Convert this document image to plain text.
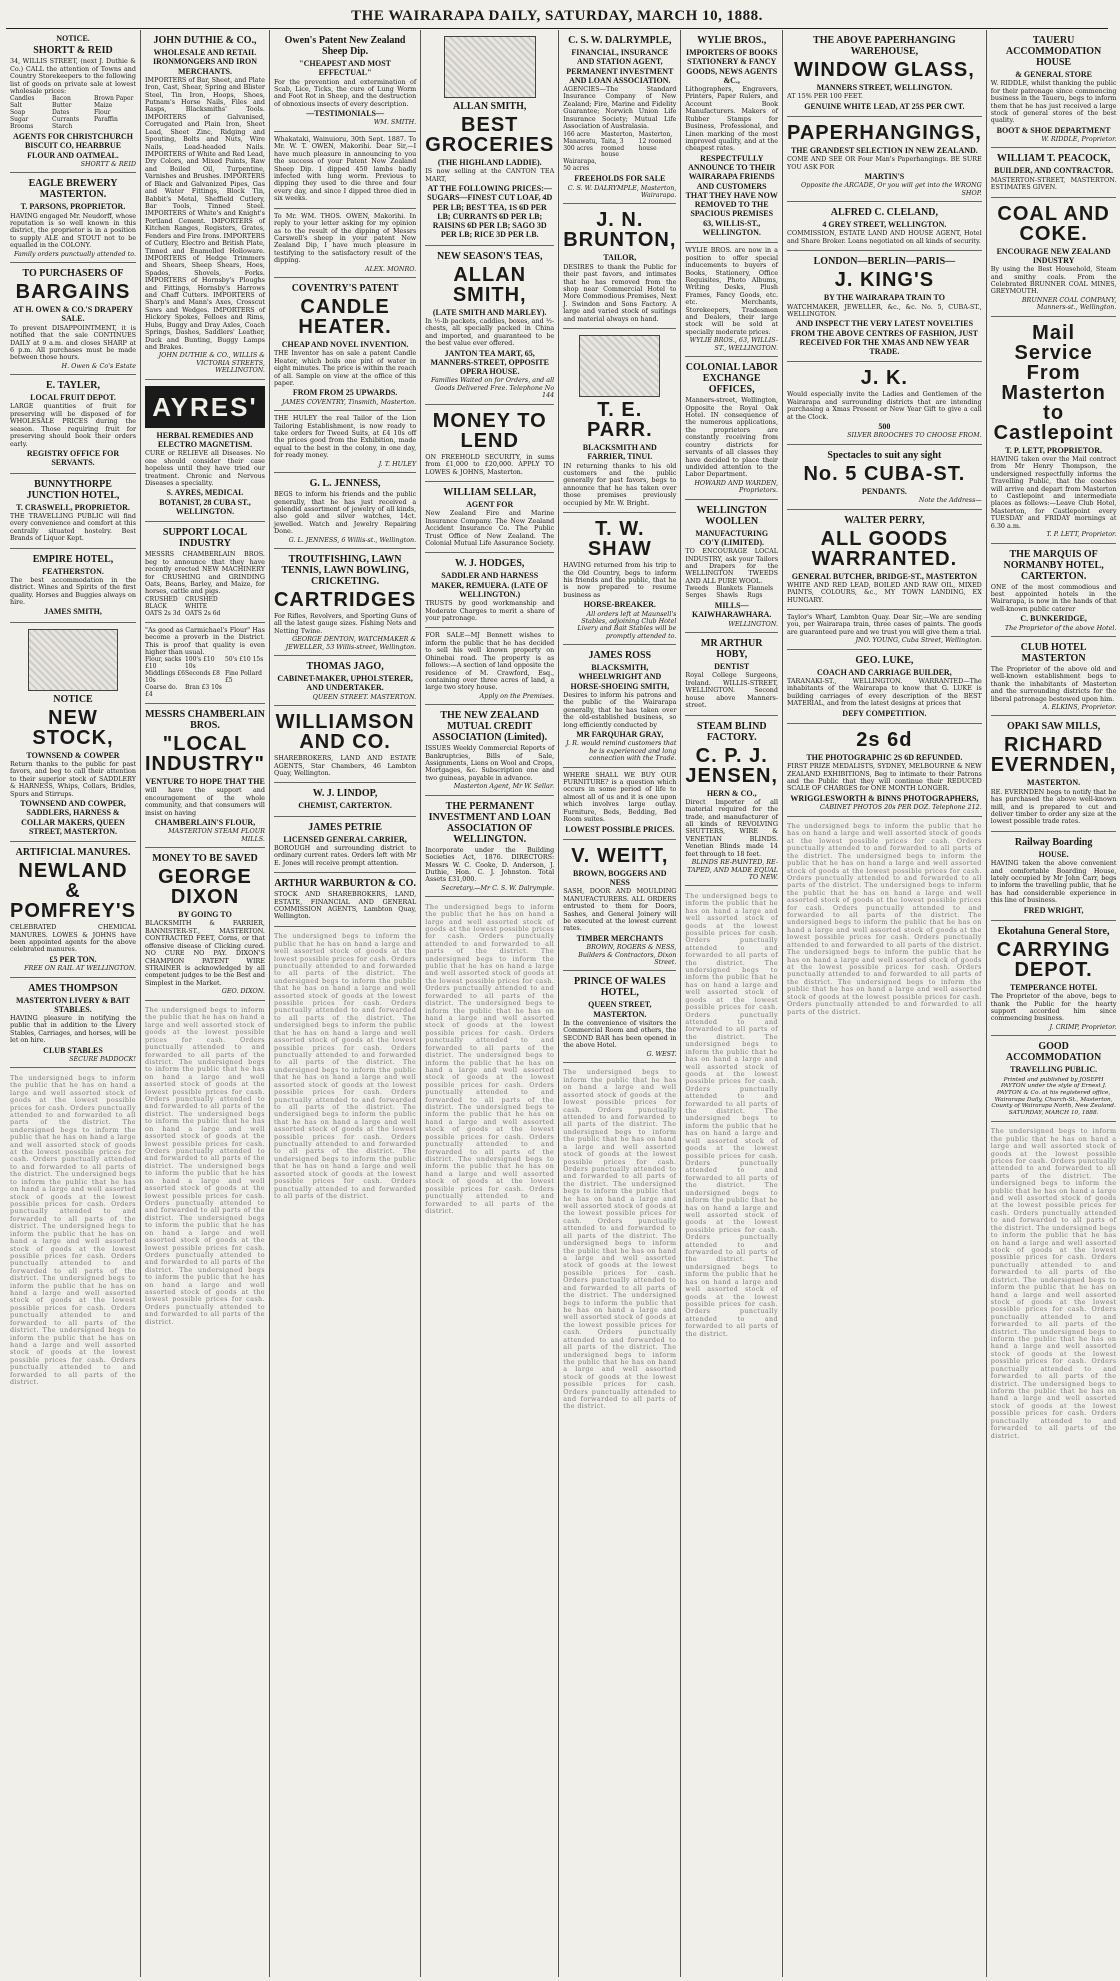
THE WAIRARAPA DAILY, SATURDAY, MARCH 10, 1888.
NOTICE.
SHORTT & REID

34, WILLIS STREET, (next J. Duthie & Co.) CALL the attention of Towns and Country Storekeepers to the following list of goods on private sale at lowest wholesale prices:

Candles	Bacon	Brown Paper
Salt	Butter	Maize
Soap	Dates	Flour
Sugar	Currants	Paraffin
Brooms	Starch
AGENTS FOR CHRISTCHURCH BISCUIT CO, HEARBRUE FLOUR AND OATMEAL.
SHORTT & REID
EAGLE BREWERY MASTERTON.
T. PARSONS, PROPRIETOR.

HAVING engaged Mr. Neudorff, whose reputation is so well known in this district, the proprietor is in a position to supply ALE and STOUT not to be equalled in the COLONY.

Family orders punctually attended to.
TO PURCHASERS OF
BARGAINS
AT H. OWEN & CO.'S DRAPERY SALE.

To prevent DISAPPOINTMENT, it is notified that the sale CONTINUES DAILY at 9 a.m. and closes SHARP at 6 p.m. All purchases must be made between those hours.

H. Owen & Co's Estate
E. TAYLER,
LOCAL FRUIT DEPOT.

LARGE quantities of fruit for preserving will be disposed of for WHOLESALE PRICES during the season. Those requiring fruit for preserving should book their orders early.

REGISTRY OFFICE FOR SERVANTS.
BUNNYTHORPE JUNCTION HOTEL,
T. CRASWELL, PROPRIETOR.

THE TRAVELLING PUBLIC will find every convenience and comfort at this centrally situated hostelry. Best Brands of Liquor Kept.

EMPIRE HOTEL,
FEATHERSTON.

The best accommodation in the district. Wines and Spirits of the first quality. Horses and Buggies always on hire.

JAMES SMITH,
NOTICE
NEW STOCK,
TOWNSEND & COWPER

Return thanks to the public for past favors, and beg to call their attention to their superior stock of SADDLERY & HARNESS, Whips, Collars, Bridles, Spurs and Stirrups.

TOWNSEND AND COWPER, SADDLERS, HARNESS & COLLAR MAKERS, QUEEN STREET, MASTERTON.
ARTIFICIAL MANURES.
NEWLAND & POMFREY'S

CELEBRATED CHEMICAL MANURES. LOWES & JOHNS have been appointed agents for the above celebrated manures.

£5 PER TON.
FREE ON RAIL AT WELLINGTON.
AMES THOMPSON
MASTERTON LIVERY & BAIT STABLES.

HAVING pleasure in notifying the public that in addition to the Livery Stables, Carriages, and horses, will be let on hire.

CLUB STABLES
SECURE PADDOCK!

The undersigned begs to inform the public that he has on hand a large and well assorted stock of goods at the lowest possible prices for cash. Orders punctually attended to and forwarded to all parts of the district. The undersigned begs to inform the public that he has on hand a large and well assorted stock of goods at the lowest possible prices for cash. Orders punctually attended to and forwarded to all parts of the district. The undersigned begs to inform the public that he has on hand a large and well assorted stock of goods at the lowest possible prices for cash. Orders punctually attended to and forwarded to all parts of the district. The undersigned begs to inform the public that he has on hand a large and well assorted stock of goods at the lowest possible prices for cash. Orders punctually attended to and forwarded to all parts of the district. The undersigned begs to inform the public that he has on hand a large and well assorted stock of goods at the lowest possible prices for cash. Orders punctually attended to and forwarded to all parts of the district. The undersigned begs to inform the public that he has on hand a large and well assorted stock of goods at the lowest possible prices for cash. Orders punctually attended to and forwarded to all parts of the district.

JOHN DUTHIE & CO.,
WHOLESALE AND RETAIL IRONMONGERS AND IRON MERCHANTS.

IMPORTERS of Bar, Sheet, and Plate Iron, Cast, Shear, Spring and Blister Steel, Tin Iron, Hoops, Shoes, Putnam's Horse Nails, Files and Rasps, Blacksmiths' Tools. IMPORTERS of Galvanised, Corrugated and Plain Iron, Sheet Lead, Sheet Zinc, Ridging and Spouting, Bolts and Nuts, Wire Nails, Lead-headed Nails. IMPORTERS of White and Red Lead, Dry Colors, and Mixed Paints, Raw and Boiled Oil, Turpentine, Varnishes and Brushes. IMPORTERS of Black and Galvanized Pipes, Gas and Water Fittings, Block Tin, Babbit's Metal, Sheffield Cutlery, Bar Tools, Tinned Steel. IMPORTERS of White's and Knight's Portland Cement. IMPORTERS of Kitchen Ranges, Registers, Grates, Fenders and Fire Irons. IMPORTERS of Cutlery, Electro and British Plate, Tinned and Enamelled Holloware. IMPORTERS of Hedge Trimmers and Shears, Sheep Shears, Hoes, Spades, Shovels, Forks. IMPORTERS of Hornsby's Ploughs and Fittings, Hornsby's Harrows and Chaff Cutters. IMPORTERS of Sharp's and Mann's Axes, Crosscut Saws and Wedges. IMPORTERS of Hickory Spokes, Felloes and Rims, Hubs, Buggy and Dray Axles, Coach Springs, Dashes, Saddlers' Leather, Duck and Bunting, Buggy Lamps and Brakes.

JOHN DUTHIE & CO., WILLIS & VICTORIA STREETS, WELLINGTON.
AYRES'
HERBAL REMEDIES AND ELECTRO MAGNETISM.

CURE or RELIEVE all Diseases. No one should consider their case hopeless until they have tried our treatment. Chronic and Nervous Diseases a speciality.

S. AYRES, MEDICAL BOTANIST, 28 CUBA ST., WELLINGTON.
SUPPORT LOCAL INDUSTRY

MESSRS CHAMBERLAIN BROS. beg to announce that they have recently erected NEW MACHINERY for CRUSHING and GRINDING Oats, Beans, Barley, and Maize, for horses, cattle and pigs.

CRUSHED BLACK OATS 2s 3d
CRUSHED WHITE OATS 2s 6d

"As good as Carmichael's Flour" Has become a proverb in the District. This is proof that quality is even higher than usual.

Flour, sacks £10
100's £10 10s
50's £10 15s
Middlings £6 10s
Seconds £8 Fine Pollard £5
Coarse do. £4
Bran £3 10s
MESSRS CHAMBERLAIN BROS.
"LOCAL INDUSTRY"
VENTURE TO HOPE THAT THE

will have the support and encouragement of the whole community, and that consumers will insist on having

CHAMBERLAIN'S FLOUR,
MASTERTON STEAM FLOUR MILLS.
MONEY TO BE SAVED
GEORGE DIXON
BY GOING TO

BLACKSMITH & FARRIER, BANNISTER-ST., MASTERTON. CONTRACTED FEET, Corns, or that offensive disease of Clicking cured. NO CURE NO PAY. DIXON'S CHAMPION PATENT WIRE STRAINER is acknowledged by all competent judges to be the Best and Simplest in the Market.

GEO. DIXON.

The undersigned begs to inform the public that he has on hand a large and well assorted stock of goods at the lowest possible prices for cash. Orders punctually attended to and forwarded to all parts of the district. The undersigned begs to inform the public that he has on hand a large and well assorted stock of goods at the lowest possible prices for cash. Orders punctually attended to and forwarded to all parts of the district. The undersigned begs to inform the public that he has on hand a large and well assorted stock of goods at the lowest possible prices for cash. Orders punctually attended to and forwarded to all parts of the district. The undersigned begs to inform the public that he has on hand a large and well assorted stock of goods at the lowest possible prices for cash. Orders punctually attended to and forwarded to all parts of the district. The undersigned begs to inform the public that he has on hand a large and well assorted stock of goods at the lowest possible prices for cash. Orders punctually attended to and forwarded to all parts of the district. The undersigned begs to inform the public that he has on hand a large and well assorted stock of goods at the lowest possible prices for cash. Orders punctually attended to and forwarded to all parts of the district.

Owen's Patent New Zealand Sheep Dip.
"CHEAPEST AND MOST EFFECTUAL"

For the prevention and extermination of Scab, Lice, Ticks, the cure of Lung Worm and Foot Rot in Sheep, and the destruction of obnoxious insects of every description.

—TESTIMONIALS—
WM. SMITH.

Whakataki, Wainuioru, 30th Sept. 1887. To Mr. W. T. OWEN, Makorihi. Dear Sir,—I have much pleasure in announcing to you the success of your Patent New Zealand Sheep Dip. I dipped 450 lambs badly infected with lung worm. Previous to dipping they used to die three and four every day, and since I dipped three died in six weeks.

To Mr. WM. THOS. OWEN, Makorihi. In reply to your letter asking for my opinion as to the result of the dipping of Messrs Carswell's sheep in your patent New Zealand Dip, I have much pleasure in testifying to the satisfactory result of the dipping.

ALEX. MONRO.
COVENTRY'S PATENT
CANDLE HEATER.
CHEAP AND NOVEL INVENTION.

THE Inventor has on sale a patent Candle Heater, which boils one pint of water in eight minutes. The price is within the reach of all. Sample on view at the office of this paper.

FROM FROM 25 UPWARDS.
JAMES COVENTRY, Tinsmith, Masterton.

THE HULEY the real Tailor of the Lion Tailoring Establishment, is now ready to take orders for Tweed Suits, at £4 10s off the prices good from the Exhibition, made equal to the best in the colony, in one day, for ready money.

J. T. HULEY
G. L. JENNESS,

BEGS to inform his friends and the public generally, that he has just received a splendid assortment of jewelry of all kinds, also gold and silver watches, 14ct. jewelled. Watch and Jewelry Repairing Done.

G. L. JENNESS, 6 Willis-st., Wellington.
TROUTFISHING, LAWN TENNIS, LAWN BOWLING, CRICKETING.
CARTRIDGES

For Rifles, Revolvers, and Sporting Guns of all the latest gauge sizes. Fishing Nets and Netting Twine.

GEORGE DENTON, WATCHMAKER & JEWELLER, 53 Willis-street, Wellington.
THOMAS JAGO,
CABINET-MAKER, UPHOLSTERER, AND UNDERTAKER.
QUEEN STREET. MASTERTON.
WILLIAMSON AND CO.

SHAREBROKERS, LAND AND ESTATE AGENTS, Star Chambers, 46 Lambton Quay, Wellington.

W. J. LINDOP,
CHEMIST, CARTERTON.
JAMES PETRIE
LICENSED GENERAL CARRIER,

BOROUGH and surrounding district to ordinary current rates. Orders left with Mr E. Jones will receive prompt attention.

ARTHUR WARBURTON & CO.

STOCK AND SHAREBROKERS, LAND, ESTATE, FINANCIAL AND GENERAL COMMISSION AGENTS, Lambton Quay, Wellington.

The undersigned begs to inform the public that he has on hand a large and well assorted stock of goods at the lowest possible prices for cash. Orders punctually attended to and forwarded to all parts of the district. The undersigned begs to inform the public that he has on hand a large and well assorted stock of goods at the lowest possible prices for cash. Orders punctually attended to and forwarded to all parts of the district. The undersigned begs to inform the public that he has on hand a large and well assorted stock of goods at the lowest possible prices for cash. Orders punctually attended to and forwarded to all parts of the district. The undersigned begs to inform the public that he has on hand a large and well assorted stock of goods at the lowest possible prices for cash. Orders punctually attended to and forwarded to all parts of the district. The undersigned begs to inform the public that he has on hand a large and well assorted stock of goods at the lowest possible prices for cash. Orders punctually attended to and forwarded to all parts of the district. The undersigned begs to inform the public that he has on hand a large and well assorted stock of goods at the lowest possible prices for cash. Orders punctually attended to and forwarded to all parts of the district.

ALLAN SMITH,
BEST GROCERIES
(THE HIGHLAND LADDIE).

IS now selling at the CANTON TEA MART,

AT THE FOLLOWING PRICES:—SUGARS—FINEST CUT LOAF, 4D PER LB; BEST TEA, 1S 6D PER LB; CURRANTS 6D PER LB; RAISINS 6D PER LB; SAGO 3D PER LB; RICE 3D PER LB.
NEW SEASON'S TEAS,
ALLAN SMITH,
(LATE SMITH AND MARLEY).

In ½-lb packets, caddies, boxes, and ½-chests, all specially packed in China and imported, and guaranteed to be the best value ever offered.

JANTON TEA MART, 65, MANNERS-STREET, OPPOSITE OPERA HOUSE.
Families Waited on for Orders, and all Goods Delivered Free. Telephone No 144
MONEY TO LEND

ON FREEHOLD SECURITY, in sums from £1,000 to £20,000. APPLY TO LOWES & JOHNS, Masterton.

WILLIAM SELLAR,
AGENT FOR

New Zealand Fire and Marine Insurance Company. The New Zealand Accident Insurance Co. The Public Trust Office of New Zealand. The Colonial Mutual Life Assurance Society.

W. J. HODGES,
SADDLER AND HARNESS MAKER, REMUERA. (LATE OF WELLINGTON.)

TRUSTS by good workmanship and Moderate Charges to merit a share of your patronage.

FOR SALE—MJ Bennett wishes to inform the public that he has decided to sell his well known property on Ohinebai road. The property is as follows:—A section of land opposite the residence of M. Crawford, Esq., containing over three acres of land, a large two story house.

Apply on the Premises.
THE NEW ZEALAND MUTUAL CREDIT ASSOCIATION (Limited).

ISSUES Weekly Commercial Reports of Bankruptcies, Bills of Sale, Assignments, Liens on Wool and Crops, Mortgages, &c. Subscription one and two guineas, payable in advance.

Masterton Agent, Mr W. Sellar.
THE PERMANENT INVESTMENT AND LOAN ASSOCIATION OF WELLINGTON.

Incorporate under the Building Societies Act, 1876. DIRECTORS: Messrs W. C. Cooke, D. Anderson, J. Duthie, Hon. C. J. Johnston. Total Assets £31,000.

Secretary.—Mr C. S. W. Dalrymple.

The undersigned begs to inform the public that he has on hand a large and well assorted stock of goods at the lowest possible prices for cash. Orders punctually attended to and forwarded to all parts of the district. The undersigned begs to inform the public that he has on hand a large and well assorted stock of goods at the lowest possible prices for cash. Orders punctually attended to and forwarded to all parts of the district. The undersigned begs to inform the public that he has on hand a large and well assorted stock of goods at the lowest possible prices for cash. Orders punctually attended to and forwarded to all parts of the district. The undersigned begs to inform the public that he has on hand a large and well assorted stock of goods at the lowest possible prices for cash. Orders punctually attended to and forwarded to all parts of the district. The undersigned begs to inform the public that he has on hand a large and well assorted stock of goods at the lowest possible prices for cash. Orders punctually attended to and forwarded to all parts of the district. The undersigned begs to inform the public that he has on hand a large and well assorted stock of goods at the lowest possible prices for cash. Orders punctually attended to and forwarded to all parts of the district.

C. S. W. DALRYMPLE,
FINANCIAL, INSURANCE AND STATION AGENT, PERMANENT INVESTMENT AND LOAN ASSOCIATION.

AGENCIES—The Standard Insurance Company of New Zealand; Fire, Marine and Fidelity Guarantee; Norwich Union Life Insurance Society; Mutual Life Association of Australasia.

166 acre Manawatu, 300 acres
Masterton, Taita, 3 roomed house
Masterton, 12 roomed house
Wairarapa, 50 acres
FREEHOLDS FOR SALE
C. S. W. DALRYMPLE, Masterton, Wairarapa.
J. N. BRUNTON,
TAILOR,

DESIRES to thank the Public for their past favors, and intimates that he has removed from the shop near Commercial Hotel to More Commodious Premises, Next J. Swindon and Sons Factory. A large and varied stock of suitings and material always on hand.

T. E. PARR.
BLACKSMITH AND FARRIER, TINUI.

IN returning thanks to his old customers and the public generally for past favors, begs to announce that he has taken over those premises previously occupied by Mr. W. Bright.

T. W. SHAW

HAVING returned from his trip to the Old Country, begs to inform his friends and the public, that he is now prepared to resume business as

HORSE-BREAKER.
All orders left at Maunsell's Stables, adjoining Club Hotel Livery and Bait Stables will be promptly attended to.
JAMES ROSS
BLACKSMITH, WHEELWRIGHT AND HORSE-SHOEING SMITH,

Desires to inform his patrons and the public of the Wairarapa generally, that he has taken over the old-established business, so long efficiently conducted by

MR FARQUHAR GRAY,
J. R. would remind customers that he is experienced and long connection with the Trade.

WHERE SHALL WE BUY OUR FURNITURE? is a question which occurs in some period of life to almost all of us and it is one upon which involves large outlay. Furniture, Beds, Bedding, Bed Room suites.

LOWEST POSSIBLE PRICES.
V. WEITT,
BROWN, BOGGERS AND NESS

SASH, DOOR AND MOULDING MANUFACTURERS. ALL ORDERS entrusted to them for Doors, Sashes, and General Joinery will be executed at the lowest current rates.

TIMBER MERCHANTS
BROWN, ROGERS & NESS, Builders & Contractors, Dixon Street.
PRINCE OF WALES HOTEL,
QUEEN STREET, MASTERTON.

In the convenience of visitors the Commercial Room and others, the SECOND BAR has been opened in the above Hotel.

G. WEST.

The undersigned begs to inform the public that he has on hand a large and well assorted stock of goods at the lowest possible prices for cash. Orders punctually attended to and forwarded to all parts of the district. The undersigned begs to inform the public that he has on hand a large and well assorted stock of goods at the lowest possible prices for cash. Orders punctually attended to and forwarded to all parts of the district. The undersigned begs to inform the public that he has on hand a large and well assorted stock of goods at the lowest possible prices for cash. Orders punctually attended to and forwarded to all parts of the district. The undersigned begs to inform the public that he has on hand a large and well assorted stock of goods at the lowest possible prices for cash. Orders punctually attended to and forwarded to all parts of the district. The undersigned begs to inform the public that he has on hand a large and well assorted stock of goods at the lowest possible prices for cash. Orders punctually attended to and forwarded to all parts of the district. The undersigned begs to inform the public that he has on hand a large and well assorted stock of goods at the lowest possible prices for cash. Orders punctually attended to and forwarded to all parts of the district.

WYLIE BROS.,
IMPORTERS OF BOOKS STATIONERY & FANCY GOODS, NEWS AGENTS &C.,

Lithographers, Engravers, Printers, Paper Rulers, and Account Book Manufacturers. Makers of Rubber Stamps for Business, Professional, and Linen marking of the most improved quality, and at the cheapest rates.

RESPECTFULLY ANNOUNCE TO THEIR WAIRARAPA FRIENDS AND CUSTOMERS THAT THEY HAVE NOW REMOVED TO THE SPACIOUS PREMISES 63, WILLIS-ST., WELLINGTON.

WYLIE BROS. are now in a position to offer special inducements to buyers of Books, Stationery, Office Requisites, Photo Albums, Writing Desks, Plush Frames, Fancy Goods, etc. etc. Merchants, Storekeepers, Tradesmen and Dealers, their large stock will be sold at specially moderate prices.

WYLIE BROS., 63, WILLIS-ST., WELLINGTON.
COLONIAL LABOR EXCHANGE OFFICES,

Manners-street, Wellington, Opposite the Royal Oak Hotel. IN consequence of the numerous applications, the proprietors are constantly receiving from country districts for servants of all classes they have decided to place their undivided attention to the Labor Department.

HOWARD AND WARDEN, Proprietors.
WELLINGTON WOOLLEN
MANUFACTURING CO'Y (LIMITED).

TO ENCOURAGE LOCAL INDUSTRY, ask your Tailors and Drapers for the WELLINGTON TWEEDS AND ALL PURE WOOL.

Tweeds	Blankets Flannels
Serges	Shawls	Rugs
MILLS—KAIWHARAWHARA.
WELLINGTON.
MR ARTHUR HOBY,
DENTIST

Royal College Surgeons, Ireland. WILLIS-STREET, WELLINGTON. Second house above Manners-street.

STEAM BLIND FACTORY.
C. P. J. JENSEN,
HERN & CO.,

Direct Importer of all material required for the trade, and manufacturer of all kinds of REVOLVING SHUTTERS, WIRE & VENETIAN BLINDS. Venetian Blinds made 14 feet through to 18 feet.

BLINDS RE-PAINTED, RE-TAPED, AND MADE EQUAL TO NEW.

The undersigned begs to inform the public that he has on hand a large and well assorted stock of goods at the lowest possible prices for cash. Orders punctually attended to and forwarded to all parts of the district. The undersigned begs to inform the public that he has on hand a large and well assorted stock of goods at the lowest possible prices for cash. Orders punctually attended to and forwarded to all parts of the district. The undersigned begs to inform the public that he has on hand a large and well assorted stock of goods at the lowest possible prices for cash. Orders punctually attended to and forwarded to all parts of the district. The undersigned begs to inform the public that he has on hand a large and well assorted stock of goods at the lowest possible prices for cash. Orders punctually attended to and forwarded to all parts of the district. The undersigned begs to inform the public that he has on hand a large and well assorted stock of goods at the lowest possible prices for cash. Orders punctually attended to and forwarded to all parts of the district. The undersigned begs to inform the public that he has on hand a large and well assorted stock of goods at the lowest possible prices for cash. Orders punctually attended to and forwarded to all parts of the district.

THE ABOVE PAPERHANGING WAREHOUSE,
WINDOW GLASS,
MANNERS STREET, WELLINGTON.

AT 15% PER 100 FEET.

GENUINE WHITE LEAD, AT 25S PER CWT.
PAPERHANGINGS,
THE GRANDEST SELECTION IN NEW ZEALAND.

COME AND SEE OR Four Man's Paperhangings. BE SURE YOU ASK FOR

MARTIN'S
Opposite the ARCADE, Or you will get into the WRONG SHOP.
ALFRED C. CLELAND,
4 GREY STREET, WELLINGTON.

COMMISSION, ESTATE LAND AND HOUSE AGENT, Hotel and Share Broker. Loans negotiated on all kinds of security.

LONDON—BERLIN—PARIS—
J. KING'S
BY THE WAIRARAPA TRAIN TO

WATCHMAKER, JEWELLER, &c., &c. No. 5, CUBA-ST., WELLINGTON.

AND INSPECT THE VERY LATEST NOVELTIES FROM THE ABOVE CENTRES OF FASHION, JUST RECEIVED FOR THE XMAS AND NEW YEAR TRADE.
J. K.

Would especially invite the Ladies and Gentlemen of the Wairarapa and surrounding districts that are intending purchasing a Xmas Present or New Year Gift to give a call at the Clock.

500
SILVER BROOCHES TO CHOOSE FROM.
Spectacles to suit any sight
No. 5 CUBA-ST.
PENDANTS.
Note the Address—
WALTER PERRY,
ALL GOODS WARRANTED.
GENERAL BUTCHER, BRIDGE-ST., MASTERTON

WHITE AND RED LEAD, BOILED AND RAW OIL, MIXED PAINTS, COLOURS, &c., MY TOWN LANDING, EX HUNGARY.

Taylor's Wharf, Lambton Quay. Dear Sir,—We are sending you, per Wairarapa train, three cases of paints. The goods are guaranteed pure and we trust you will give them a trial.

JNO. YOUNG, Cuba Street, Wellington.
GEO. LUKE,
COACH AND CARRIAGE BUILDER,

TARANAKI-ST., WELLINGTON. WARRANTED—The inhabitants of the Wairarapa to know that G. LUKE is building carriages of every description of the BEST MATERIAL, and from the latest designs at prices that

DEFY COMPETITION.
2s 6d
THE PHOTOGRAPHIC 2S 6D REFUNDED.

FIRST PRIZE MEDALISTS, SYDNEY, MELBOURNE & NEW ZEALAND EXHIBITIONS, Beg to intimate to their Patrons and the Public that they will continue their REDUCED SCALE OF CHARGES for ONE MONTH LONGER.

WRIGGLESWORTH & BINNS PHOTOGRAPHERS,
CABINET PHOTOS 20s PER DOZ. Telephone 212.

The undersigned begs to inform the public that he has on hand a large and well assorted stock of goods at the lowest possible prices for cash. Orders punctually attended to and forwarded to all parts of the district. The undersigned begs to inform the public that he has on hand a large and well assorted stock of goods at the lowest possible prices for cash. Orders punctually attended to and forwarded to all parts of the district. The undersigned begs to inform the public that he has on hand a large and well assorted stock of goods at the lowest possible prices for cash. Orders punctually attended to and forwarded to all parts of the district. The undersigned begs to inform the public that he has on hand a large and well assorted stock of goods at the lowest possible prices for cash. Orders punctually attended to and forwarded to all parts of the district. The undersigned begs to inform the public that he has on hand a large and well assorted stock of goods at the lowest possible prices for cash. Orders punctually attended to and forwarded to all parts of the district. The undersigned begs to inform the public that he has on hand a large and well assorted stock of goods at the lowest possible prices for cash. Orders punctually attended to and forwarded to all parts of the district.

TAUERU ACCOMMODATION HOUSE
& GENERAL STORE

W. RIDDLE, whilst thanking the public for their patronage since commencing business in the Taueru, begs to inform them that he has just received a large stock of general stores of the best quality.

BOOT & SHOE DEPARTMENT
W. RIDDLE, Proprietor.
WILLIAM T. PEACOCK,
BUILDER, AND CONTRACTOR.

MASTERTON-STREET, MASTERTON. ESTIMATES GIVEN.

COAL AND COKE.
ENCOURAGE NEW ZEALAND INDUSTRY

By using the Best Household, Steam and smithy coals. From the Celebrated BRUNNER COAL MINES, GREYMOUTH.

BRUNNER COAL COMPANY, Manners-st., Wellington.
Mail Service From Masterton to Castlepoint
T. P. LETT, PROPRIETOR.

HAVING taken over the Mail contract from Mr Henry Thompson, the undersigned respectfully informs the Travelling Public, that the coaches will arrive and depart from Masterton to Castlepoint and intermediate places as follows:—Leave Club Hotel, Masterton, for Castlepoint every TUESDAY and FRIDAY mornings at 6.30 a.m.

T. P. LETT, Proprietor.
THE MARQUIS OF NORMANBY HOTEL, CARTERTON.

ONE of the most commodious and best appointed hotels in the Wairarapa, is now in the hands of that well-known public caterer

C. BUNKERIDGE,
The Proprietor of the above Hotel.
CLUB HOTEL MASTERTON

The Proprietor of the above old and well-known establishment begs to thank the inhabitants of Masterton and the surrounding districts for the liberal patronage bestowed upon him.

A. ELKINS, Proprietor.
OPAKI SAW MILLS,
RICHARD EVERNDEN,
MASTERTON.

RE. EVERNDEN begs to notify that he has purchased the above well-known mill, and is prepared to cut and deliver timber to order any size at the lowest possible trade rates.

Railway Boarding
HOUSE.

HAVING taken the above convenient and comfortable Boarding House, lately occupied by Mr John Carr, begs to inform the travelling public, that he has had considerable experience in this line of business.

FRED WRIGHT,
Ekotahuna General Store,
CARRYING DEPOT.
TEMPERANCE HOTEL

The Proprietor of the above, begs to thank the Public for the hearty support accorded him since commencing business.

J. CRIMP, Proprietor.
GOOD ACCOMMODATION
TRAVELLING PUBLIC.
Printed and published by JOSEPH PAYTON under the style of Ernest J. PAYTON & Co. at his registered office, Wairarapa Daily, Church-St., Masterton, County of Wairarapa North, New Zealand. SATURDAY, MARCH 10, 1888.

The undersigned begs to inform the public that he has on hand a large and well assorted stock of goods at the lowest possible prices for cash. Orders punctually attended to and forwarded to all parts of the district. The undersigned begs to inform the public that he has on hand a large and well assorted stock of goods at the lowest possible prices for cash. Orders punctually attended to and forwarded to all parts of the district. The undersigned begs to inform the public that he has on hand a large and well assorted stock of goods at the lowest possible prices for cash. Orders punctually attended to and forwarded to all parts of the district. The undersigned begs to inform the public that he has on hand a large and well assorted stock of goods at the lowest possible prices for cash. Orders punctually attended to and forwarded to all parts of the district. The undersigned begs to inform the public that he has on hand a large and well assorted stock of goods at the lowest possible prices for cash. Orders punctually attended to and forwarded to all parts of the district. The undersigned begs to inform the public that he has on hand a large and well assorted stock of goods at the lowest possible prices for cash. Orders punctually attended to and forwarded to all parts of the district.
